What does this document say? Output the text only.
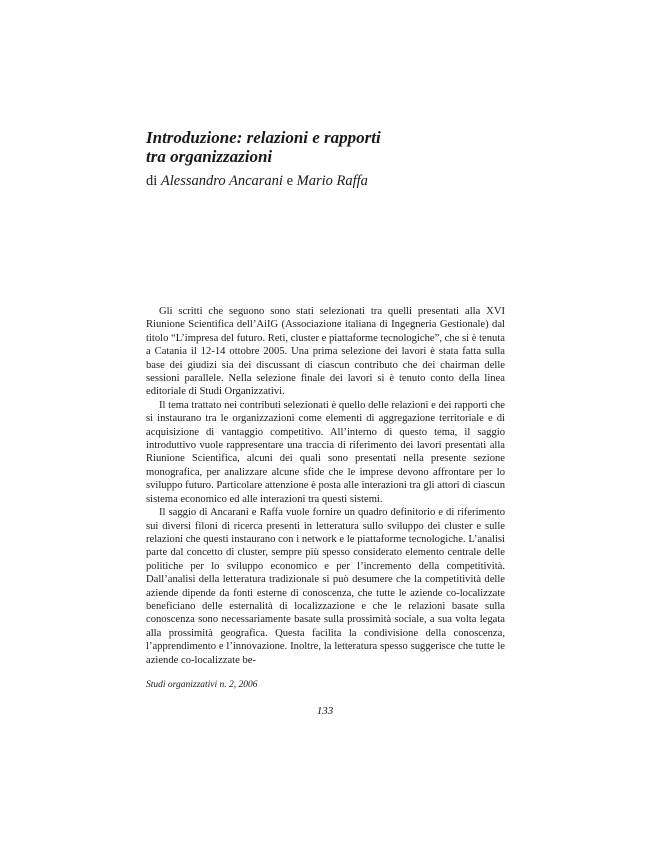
Introduzione: relazioni e rapporti
tra organizzazioni
di Alessandro Ancarani e Mario Raffa

Gli scritti che seguono sono stati selezionati tra quelli presentati alla XVI Riunione Scientifica dell’AiIG (Associazione italiana di Ingegneria Gestionale) dal titolo “L’impresa del futuro. Reti, cluster e piattaforme tecnologiche”, che si è tenuta a Catania il 12-14 ottobre 2005. Una prima selezione dei lavori è stata fatta sulla base dei giudizi sia dei discussant di ciascun contributo che dei chairman delle sessioni parallele. Nella selezione finale dei lavori si è tenuto conto della linea editoriale di Studi Organizzativi.

Il tema trattato nei contributi selezionati è quello delle relazioni e dei rapporti che si instaurano tra le organizzazioni come elementi di aggregazione territoriale e di acquisizione di vantaggio competitivo. All’interno di questo tema, il saggio introduttivo vuole rappresentare una traccia di riferimento dei lavori presentati alla Riunione Scientifica, alcuni dei quali sono presentati nella presente sezione monografica, per analizzare alcune sfide che le imprese devono affrontare per lo sviluppo futuro. Particolare attenzione è posta alle interazioni tra gli attori di ciascun sistema economico ed alle interazioni tra questi sistemi.

Il saggio di Ancarani e Raffa vuole fornire un quadro definitorio e di riferimento sui diversi filoni di ricerca presenti in letteratura sullo sviluppo dei cluster e sulle relazioni che questi instaurano con i network e le piattaforme tecnologiche. L’analisi parte dal concetto di cluster, sempre più spesso considerato elemento centrale delle politiche per lo sviluppo economico e per l’incremento della competitività. Dall’analisi della letteratura tradizionale si può desumere che la competitività delle aziende dipende da fonti esterne di conoscenza, che tutte le aziende co-localizzate beneficiano delle esternalità di localizzazione e che le relazioni basate sulla conoscenza sono necessariamente basate sulla prossimità sociale, a sua volta legata alla prossimità geografica. Questa facilita la condivisione della conoscenza, l’apprendimento e l’innovazione. Inoltre, la letteratura spesso suggerisce che tutte le aziende co-localizzate be-

Studi organizzativi n. 2, 2006
133
